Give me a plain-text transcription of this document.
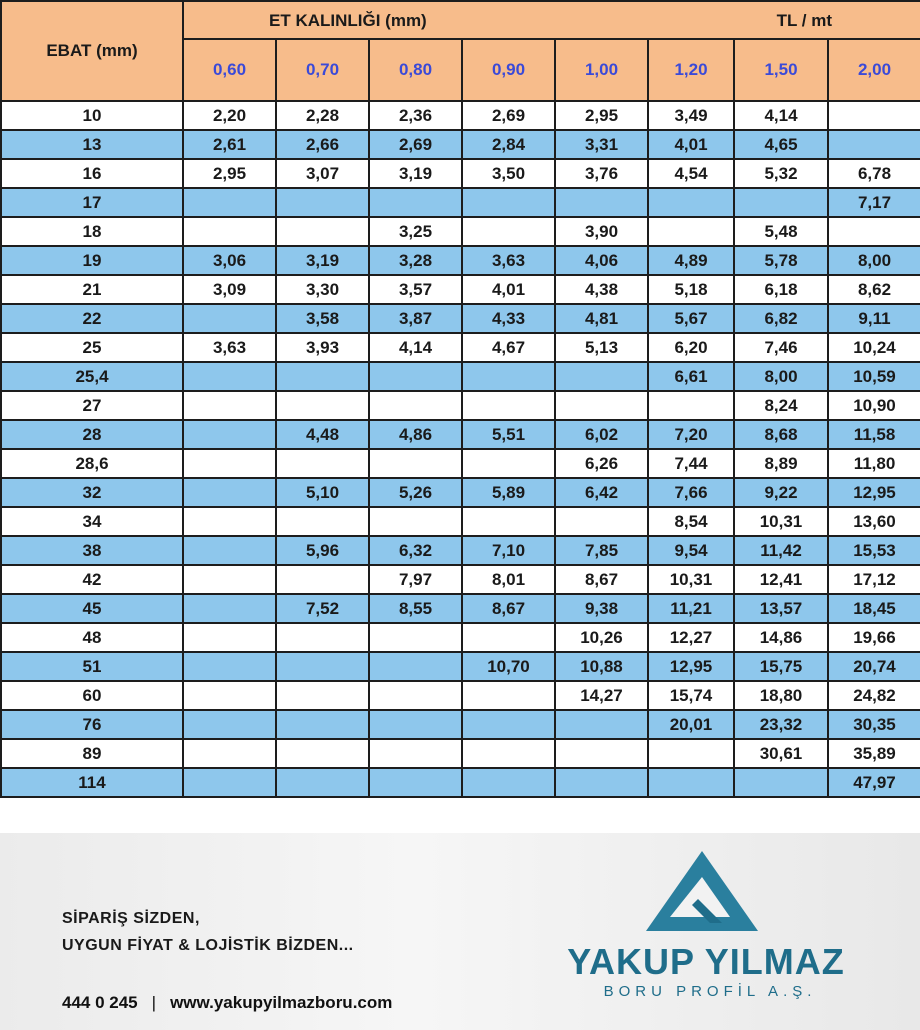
EBAT (mm)	ET KALINLIĞI (mm) TL / mt							

	0,60	0,70	0,80	0,90	1,00	1,20	1,50	2,00
10	2,20	2,28	2,36	2,69	2,95	3,49	4,14	
13	2,61	2,66	2,69	2,84	3,31	4,01	4,65	
16	2,95	3,07	3,19	3,50	3,76	4,54	5,32	6,78
17								7,17
18			3,25		3,90		5,48	
19	3,06	3,19	3,28	3,63	4,06	4,89	5,78	8,00
21	3,09	3,30	3,57	4,01	4,38	5,18	6,18	8,62
22		3,58	3,87	4,33	4,81	5,67	6,82	9,11
25	3,63	3,93	4,14	4,67	5,13	6,20	7,46	10,24
25,4						6,61	8,00	10,59
27							8,24	10,90
28		4,48	4,86	5,51	6,02	7,20	8,68	11,58
28,6					6,26	7,44	8,89	11,80
32		5,10	5,26	5,89	6,42	7,66	9,22	12,95
34						8,54	10,31	13,60
38		5,96	6,32	7,10	7,85	9,54	11,42	15,53
42			7,97	8,01	8,67	10,31	12,41	17,12
45		7,52	8,55	8,67	9,38	11,21	13,57	18,45
48					10,26	12,27	14,86	19,66
51				10,70	10,88	12,95	15,75	20,74
60					14,27	15,74	18,80	24,82
76						20,01	23,32	30,35
89							30,61	35,89
114								47,97
SİPARİŞ SİZDEN,
UYGUN FİYAT & LOJİSTİK BİZDEN...
444 0 245 | www.yakupyilmazboru.com
YAKUP YILMAZ
BORU PROFİL A.Ş.
